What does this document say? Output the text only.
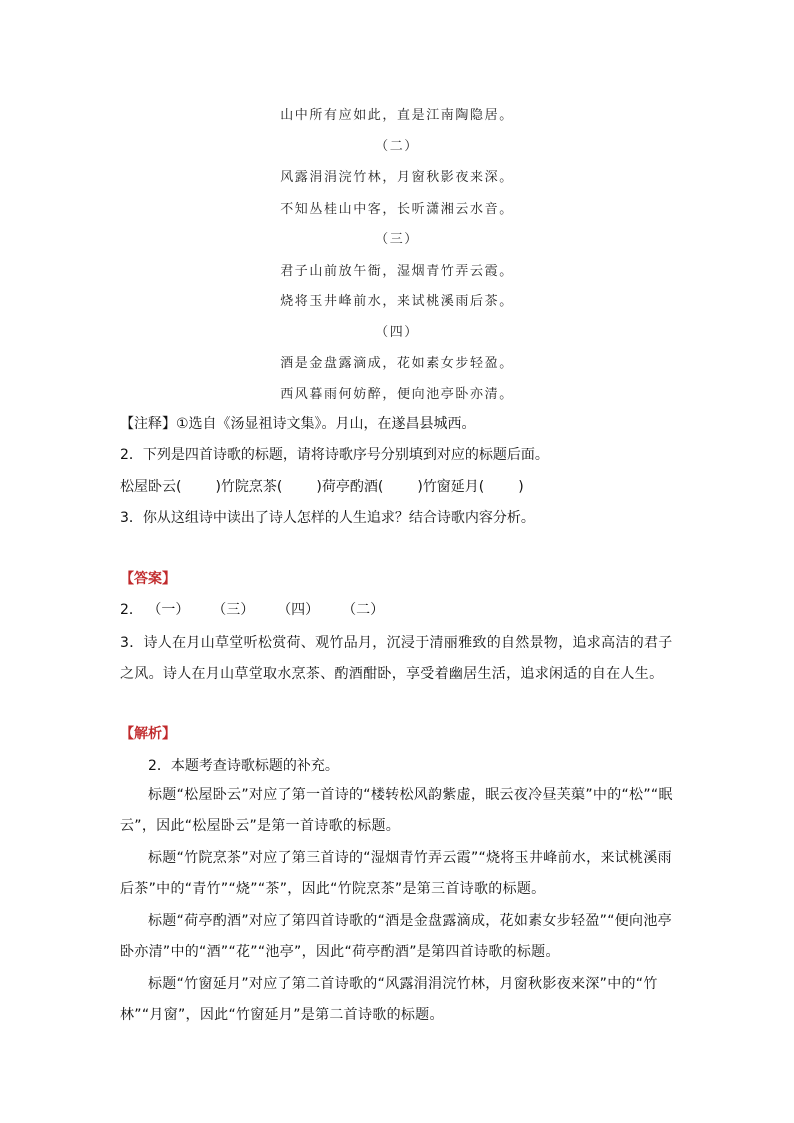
山中所有应如此，直是江南陶隐居。
（二）
风露涓涓浣竹林，月窗秋影夜来深。
不知丛桂山中客，长听潇湘云水音。
（三）
君子山前放午衙，湿烟青竹弄云霞。
烧将玉井峰前水，来试桃溪雨后茶。
（四）
酒是金盘露滴成，花如素女步轻盈。
西风暮雨何妨醉，便向池亭卧亦清。
【注释】①选自《汤显祖诗文集》。月山，在遂昌县城西。
2．下列是四首诗歌的标题，请将诗歌序号分别填到对应的标题后面。
松屋卧云( )竹院烹茶( )荷亭酌酒( )竹窗延月( )
3．你从这组诗中读出了诗人怎样的人生追求？结合诗歌内容分析。
【答案】
2． （一） （三） （四） （二）
3．诗人在月山草堂听松赏荷、观竹品月，沉浸于清丽雅致的自然景物，追求高洁的君子之风。诗人在月山草堂取水烹茶、酌酒酣卧，享受着幽居生活，追求闲适的自在人生。
【解析】
2．本题考查诗歌标题的补充。
标题“松屋卧云”对应了第一首诗的“楼转松风韵紫虚，眠云夜冷昼芙蕖”中的“松”“眠云”，因此“松屋卧云”是第一首诗歌的标题。
标题“竹院烹茶”对应了第三首诗的“湿烟青竹弄云霞”“烧将玉井峰前水，来试桃溪雨后茶”中的“青竹”“烧”“茶”，因此“竹院烹茶”是第三首诗歌的标题。
标题“荷亭酌酒”对应了第四首诗歌的“酒是金盘露滴成，花如素女步轻盈”“便向池亭卧亦清”中的“酒”“花”“池亭”，因此“荷亭酌酒”是第四首诗歌的标题。
标题“竹窗延月”对应了第二首诗歌的“风露涓涓浣竹林，月窗秋影夜来深”中的“竹林”“月窗”，因此“竹窗延月”是第二首诗歌的标题。
